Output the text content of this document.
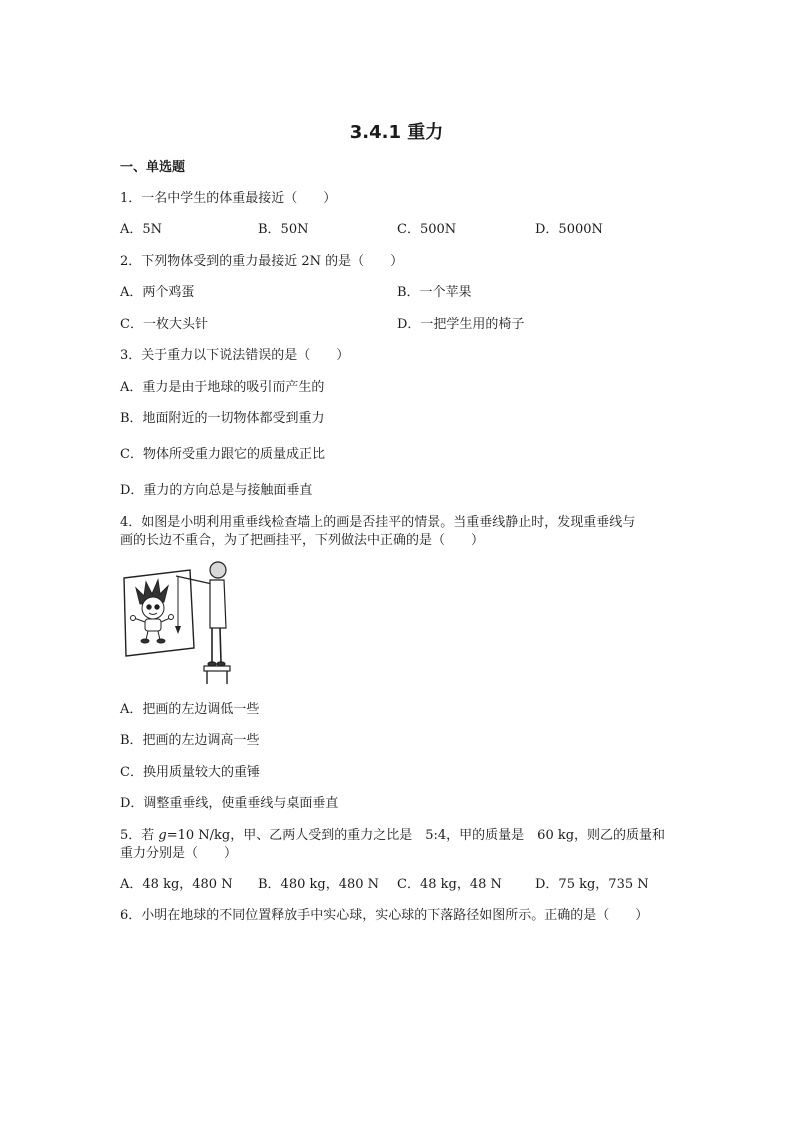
3.4.1 重力
一、单选题
1．一名中学生的体重最接近（　　）
A．5N	B．50N	C．500N	D．5000N
2．下列物体受到的重力最接近 2N 的是（　　）
A．两个鸡蛋	B．一个苹果
C．一枚大头针	D．一把学生用的椅子
3．关于重力以下说法错误的是（　　）
A．重力是由于地球的吸引而产生的
B．地面附近的一切物体都受到重力
C．物体所受重力跟它的质量成正比
D．重力的方向总是与接触面垂直
4．如图是小明利用重垂线检查墙上的画是否挂平的情景。当重垂线静止时，发现重垂线与
画的长边不重合，为了把画挂平，下列做法中正确的是（　　）
A．把画的左边调低一些
B．把画的左边调高一些
C．换用质量较大的重锤
D．调整重垂线，使重垂线与桌面垂直
5．若 g=10 N/kg，甲、乙两人受到的重力之比是　5:4，甲的质量是　60 kg，则乙的质量和
重力分别是（　　）
A．48 kg，480 N B．480 kg，480 N C．48 kg，48 N	D．75 kg，735 N
6．小明在地球的不同位置释放手中实心球，实心球的下落路径如图所示。正确的是（　　）
